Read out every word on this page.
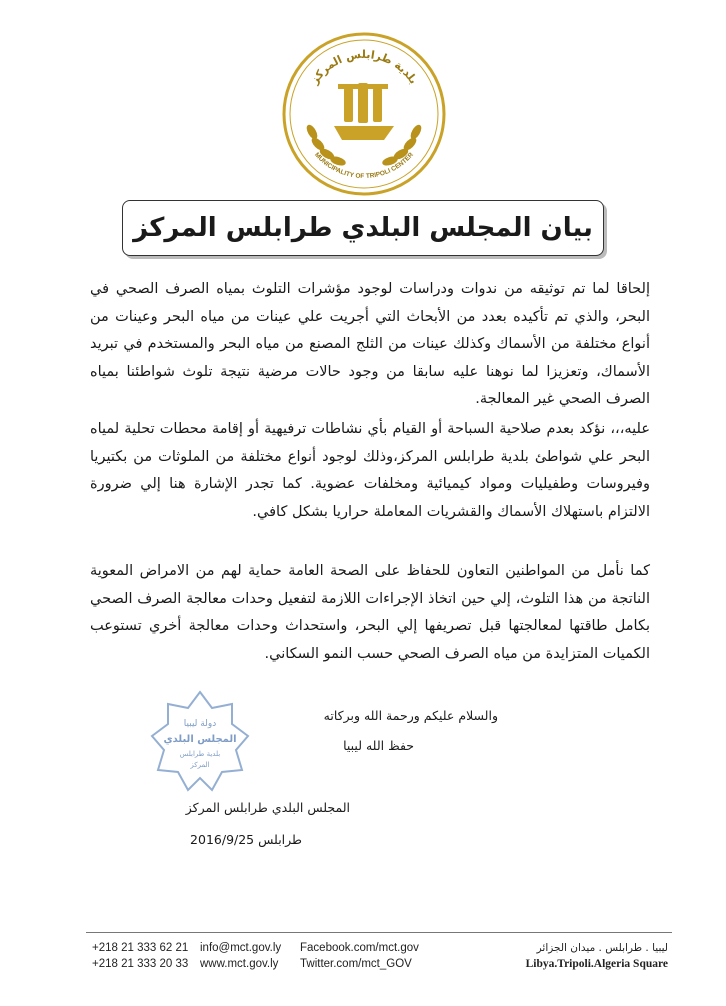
بلدية طرابلس المركز
MUNICIPALITY OF TRIPOLI CENTER
بيان المجلس البلدي طرابلس المركز

إلحاقا لما تم توثيقه من ندوات ودراسات لوجود مؤشرات التلوث بمياه الصرف الصحي في البحر، والذي تم تأكيده بعدد من الأبحاث التي أجريت علي عينات من مياه البحر وعينات من أنواع مختلفة من الأسماك وكذلك عينات من الثلج المصنع من مياه البحر والمستخدم في تبريد الأسماك، وتعزيزا لما نوهنا عليه سابقا من وجود حالات مرضية نتيجة تلوث شواطئنا بمياه الصرف الصحي غير المعالجة.

عليه،،، نؤكد بعدم صلاحية السباحة أو القيام بأي نشاطات ترفيهية أو إقامة محطات تحلية لمياه البحر علي شواطئ بلدية طرابلس المركز،وذلك لوجود أنواع مختلفة من الملوثات من بكتيريا وفيروسات وطفيليات ومواد كيميائية ومخلفات عضوية. كما تجدر الإشارة هنا إلي ضرورة الالتزام باستهلاك الأسماك والقشريات المعاملة حراريا بشكل كافي.

كما نأمل من المواطنين التعاون للحفاظ على الصحة العامة حماية لهم من الامراض المعوية الناتجة من هذا التلوث، إلي حين اتخاذ الإجراءات اللازمة لتفعيل وحدات معالجة الصرف الصحي بكامل طاقتها لمعالجتها قبل تصريفها إلي البحر، واستحداث وحدات معالجة أخري تستوعب الكميات المتزايدة من مياه الصرف الصحي حسب النمو السكاني.

والسلام عليكم ورحمة الله وبركاته

حفظ الله ليبيا

المجلس البلدي طرابلس المركز

طرابلس 2016/9/25

دولة ليبيا
المجلس البلدي
بلدية طرابلس
المركز
+218 21 333 62 21
+218 21 333 20 33
info@mct.gov.ly
www.mct.gov.ly
Facebook.com/mct.gov
Twitter.com/mct_GOV
ليبيا . طرابلس . ميدان الجزائر
Libya.Tripoli.Algeria Square
